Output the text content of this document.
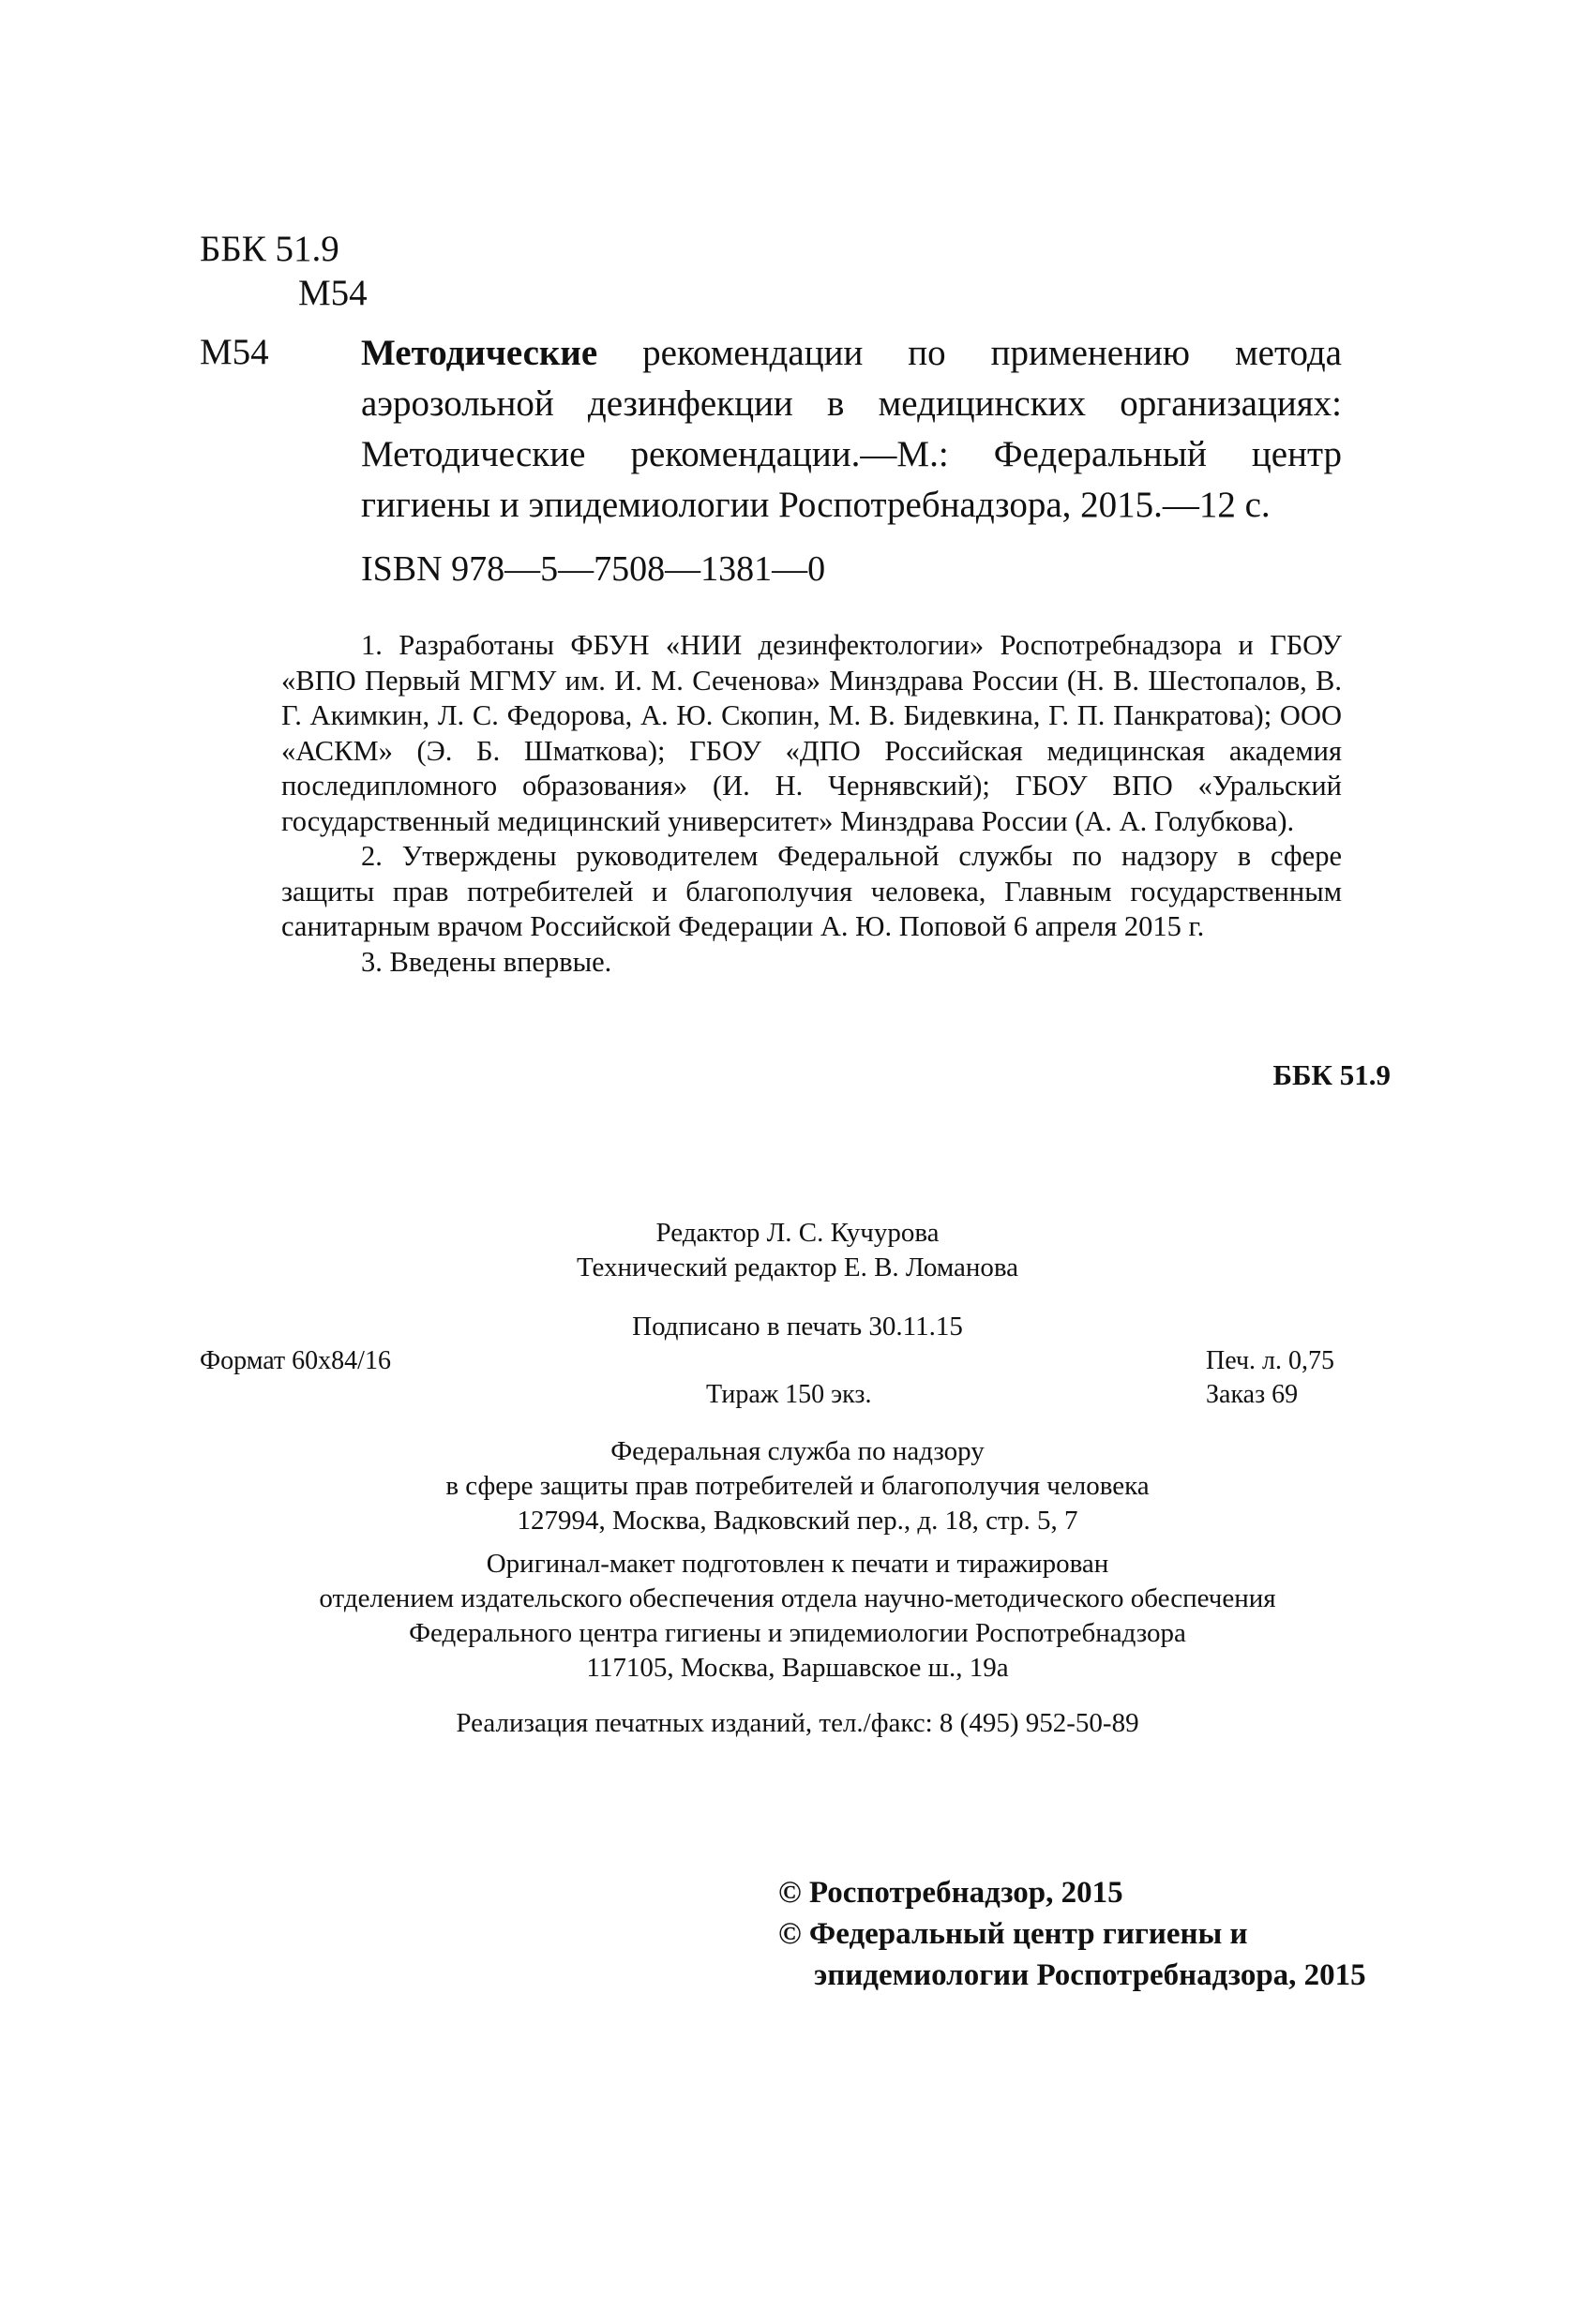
ББК 51.9
М54
М54	Методические рекомендации по применению метода аэрозольной дезинфекции в медицинских организациях: Методические рекомендации.—М.: Федеральный центр гигиены и эпидемиологии Роспотребнадзора, 2015.—12 с.
ISBN 978—5—7508—1381—0

1. Разработаны ФБУН «НИИ дезинфектологии» Роспотребнадзора и ГБОУ «ВПО Первый МГМУ им. И. М. Сеченова» Минздрава России (Н. В. Шестопалов, В. Г. Акимкин, Л. С. Федорова, А. Ю. Скопин, М. В. Бидевкина, Г. П. Панкратова); ООО «АСКМ» (Э. Б. Шматкова); ГБОУ «ДПО Российская медицинская академия последипломного образования» (И. Н. Чернявский); ГБОУ ВПО «Уральский государственный медицинский университет» Минздрава России (А. А. Голубкова).

2. Утверждены руководителем Федеральной службы по надзору в сфере защиты прав потребителей и благополучия человека, Главным государственным санитарным врачом Российской Федерации А. Ю. Поповой 6 апреля 2015 г.

3. Введены впервые.

ББК 51.9
Редактор Л. С. Кучурова
Технический редактор Е. В. Ломанова
Подписано в печать 30.11.15
Формат 60x84/16	Печ. л. 0,75
Тираж 150 экз.	Заказ 69
Федеральная служба по надзору
в сфере защиты прав потребителей и благополучия человека
127994, Москва, Вадковский пер., д. 18, стр. 5, 7
Оригинал-макет подготовлен к печати и тиражирован
отделением издательского обеспечения отдела научно-методического обеспечения
Федерального центра гигиены и эпидемиологии Роспотребнадзора
117105, Москва, Варшавское ш., 19а
Реализация печатных изданий, тел./факс: 8 (495) 952-50-89
© Роспотребнадзор, 2015
© Федеральный центр гигиены и
эпидемиологии Роспотребнадзора, 2015
